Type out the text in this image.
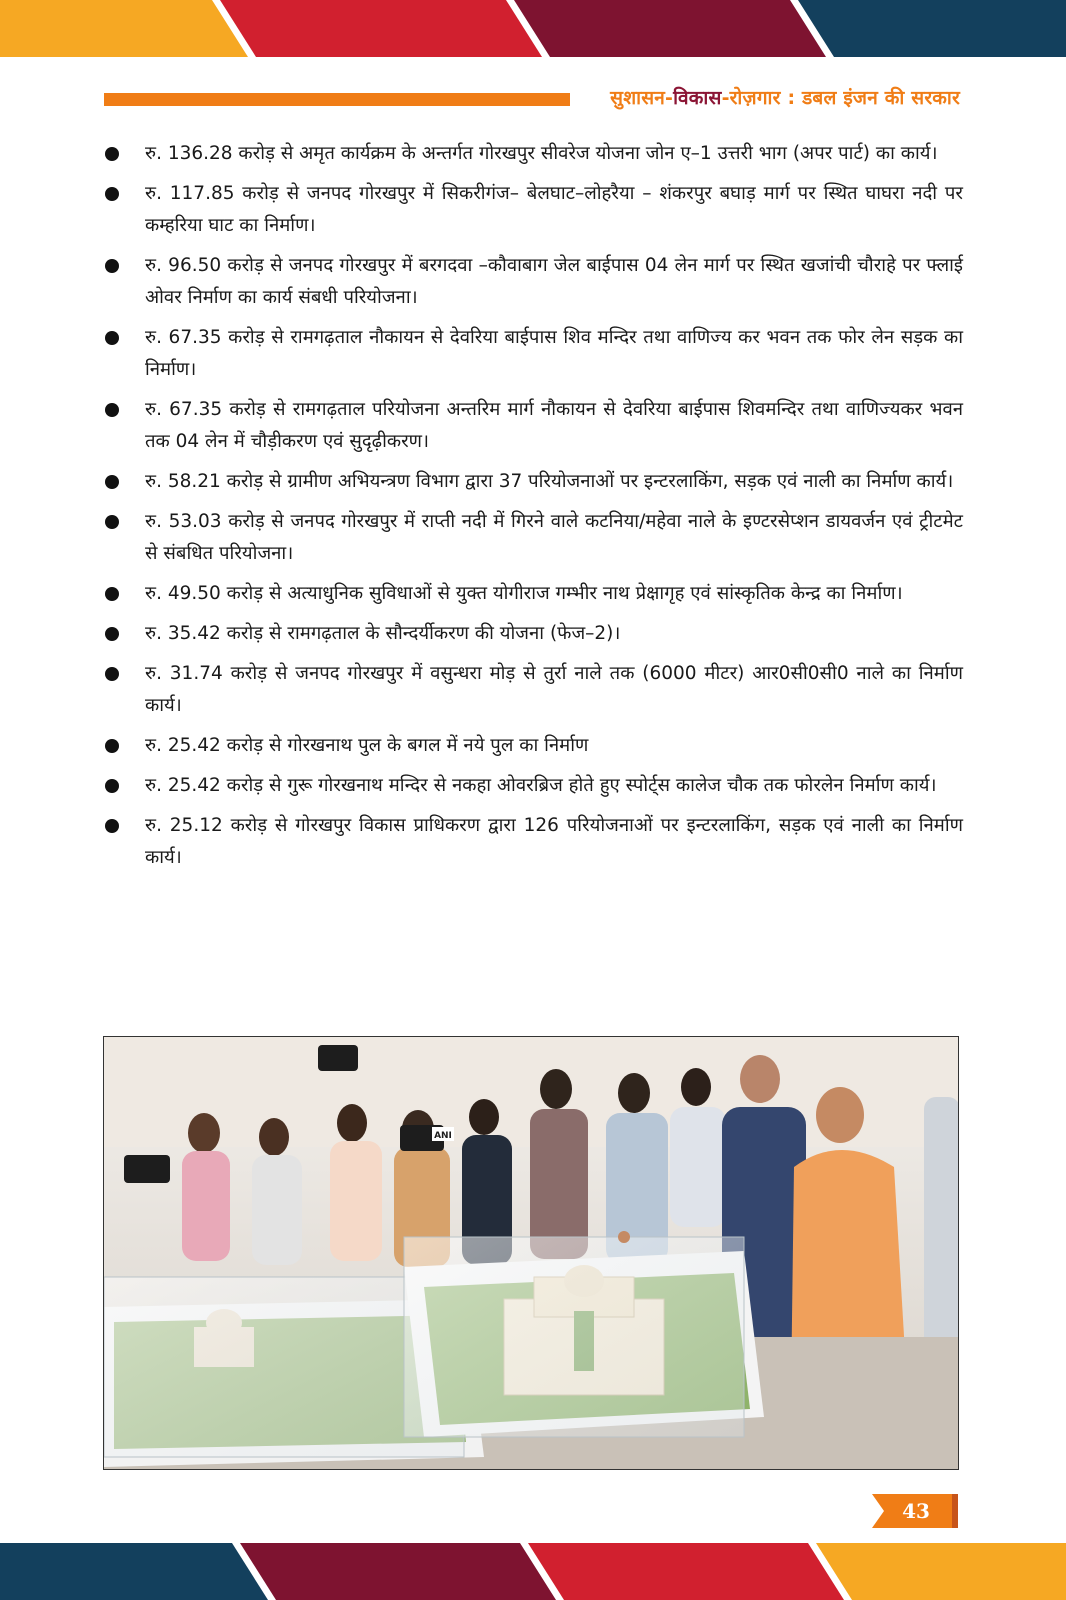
सुशासन-विकास-रोज़गार : डबल इंजन की सरकार
रु. 136.28 करोड़ से अमृत कार्यक्रम के अन्तर्गत गोरखपुर सीवरेज योजना जोन ए–1 उत्तरी भाग (अपर पार्ट) का कार्य।
रु. 117.85 करोड़ से जनपद गोरखपुर में सिकरीगंज– बेलघाट–लोहरैया – शंकरपुर बघाड़ मार्ग पर स्थित घाघरा नदी पर कम्हरिया घाट का निर्माण।
रु. 96.50 करोड़ से जनपद गोरखपुर में बरगदवा –कौवाबाग जेल बाईपास 04 लेन मार्ग पर स्थित खजांची चौराहे पर फ्लाई ओवर निर्माण का कार्य संबधी परियोजना।
रु. 67.35 करोड़ से रामगढ़ताल नौकायन से देवरिया बाईपास शिव मन्दिर तथा वाणिज्य कर भवन तक फोर लेन सड़क का निर्माण।
रु. 67.35 करोड़ से रामगढ़ताल परियोजना अन्तरिम मार्ग नौकायन से देवरिया बाईपास शिवमन्दिर तथा वाणिज्यकर भवन तक 04 लेन में चौड़ीकरण एवं सुदृढ़ीकरण।
रु. 58.21 करोड़ से ग्रामीण अभियन्त्रण विभाग द्वारा 37 परियोजनाओं पर इन्टरलाकिंग, सड़क एवं नाली का निर्माण कार्य।
रु. 53.03 करोड़ से जनपद गोरखपुर में राप्ती नदी में गिरने वाले कटनिया/महेवा नाले के इण्टरसेप्शन डायवर्जन एवं ट्रीटमेट से संबधित परियोजना।
रु. 49.50 करोड़ से अत्याधुनिक सुविधाओं से युक्त योगीराज गम्भीर नाथ प्रेक्षागृह एवं सांस्कृतिक केन्द्र का निर्माण।
रु. 35.42 करोड़ से रामगढ़ताल के सौन्दर्यीकरण की योजना (फेज–2)।
रु. 31.74 करोड़ से जनपद गोरखपुर में वसुन्धरा मोड़ से तुर्रा नाले तक (6000 मीटर) आर0सी0सी0 नाले का निर्माण कार्य।
रु. 25.42 करोड़ से गोरखनाथ पुल के बगल में नये पुल का निर्माण
रु. 25.42 करोड़ से गुरू गोरखनाथ मन्दिर से नकहा ओवरब्रिज होते हुए स्पोर्ट्स कालेज चौक तक फोरलेन निर्माण कार्य।
रु. 25.12 करोड़ से गोरखपुर विकास प्राधिकरण द्वारा 126 परियोजनाओं पर इन्टरलाकिंग, सड़क एवं नाली का निर्माण कार्य।
ANI
43
